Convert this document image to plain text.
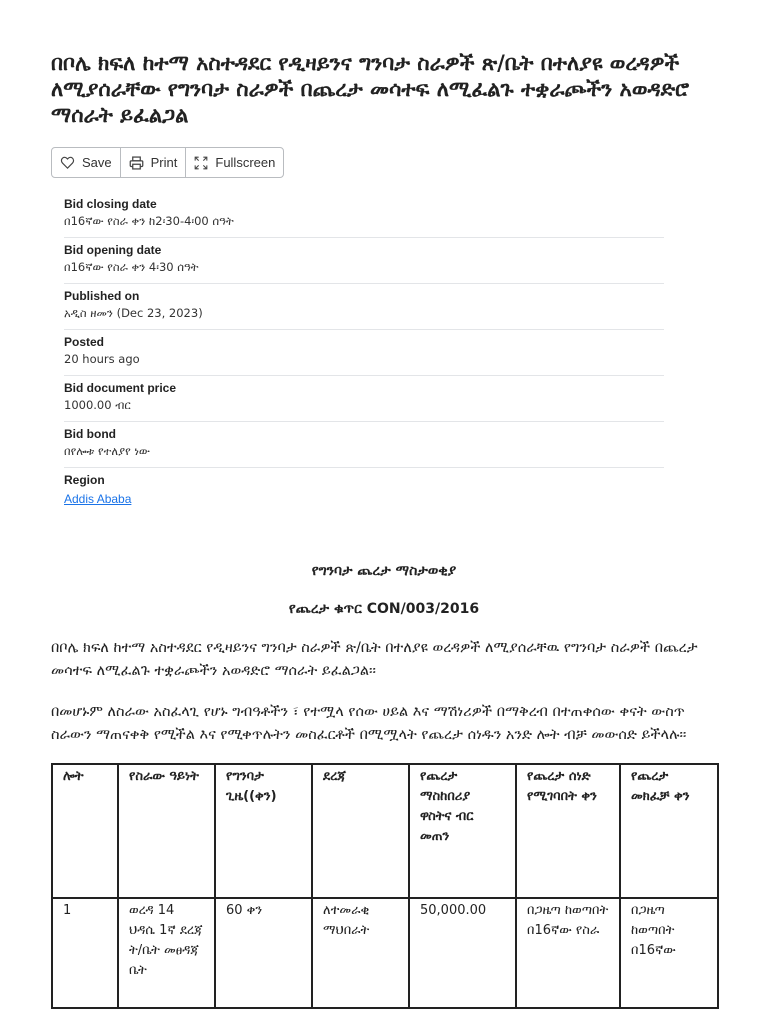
በቦሌ ክፍለ ከተማ አስተዳደር የዲዛይንና ግንባታ ስራዎች ጽ/ቤት በተለያዩ ወረዳዎች ለሚያሰራቸው የግንባታ ስራዎች በጨረታ መሳተፍ ለሚፈልጉ ተቋራጮችን አወዳድሮ ማሰራት ይፈልጋል
Save	Print	Fullscreen
Bid closing date
በ16ኛው የስራ ቀን ከ2፡30-4፡00 ሰዓት
Bid opening date
በ16ኛው የስራ ቀን 4፡30 ሰዓት
Published on
አዲስ ዘመን (Dec 23, 2023)
Posted
20 hours ago
Bid document price
1000.00 ብር
Bid bond
በየሎቱ የተለያየ ነው
Region
Addis Ababa
የግንባታ ጨረታ ማስታወቂያ
የጨረታ ቁጥር CON/003/2016

በቦሌ ክፍለ ከተማ አስተዳደር የዲዛይንና ግንባታ ስራዎች ጽ/ቤት በተለያዩ ወረዳዎች ለሚያሰራቸዉ የግንባታ ስራዎች በጨረታ መሳተፍ ለሚፈልጉ ተቋራጮችን አወዳድሮ ማሰራት ይፈልጋል፡፡

በመሆኑም ለስራው አስፈላጊ የሆኑ ግብዓቶችን ፣ የተሟላ የሰው ሀይል እና ማሽነሪዎች በማቅረብ በተጠቀሰው ቀናት ውስጥ ስራውን ማጠናቀቅ የሚችል እና የሚቀጥሉትን መስፈርቶች በሚሟላት የጨረታ ሰነዱን አንድ ሎት ብቻ መውሰድ ይችላሉ፡፡

ሎት	የስራው ዓይነት	የግንባታ ጊዜ((ቀን)	ደረጃ	የጨረታ ማስከበሪያ ዋስትና ብር መጠን	የጨረታ ሰነድ የሚገባበት ቀን	የጨረታ መክፈቻ ቀን
1	ወረዳ 14 ህዳሴ 1ኛ ደረጃ ት/ቤት መፀዳጃ ቤት	60 ቀን	ለተመራቂ ማህበራት	50,000.00	በጋዜጣ ከወጣበት በ16ኛው የስራ	በጋዜጣ ከወጣበት በ16ኛው
